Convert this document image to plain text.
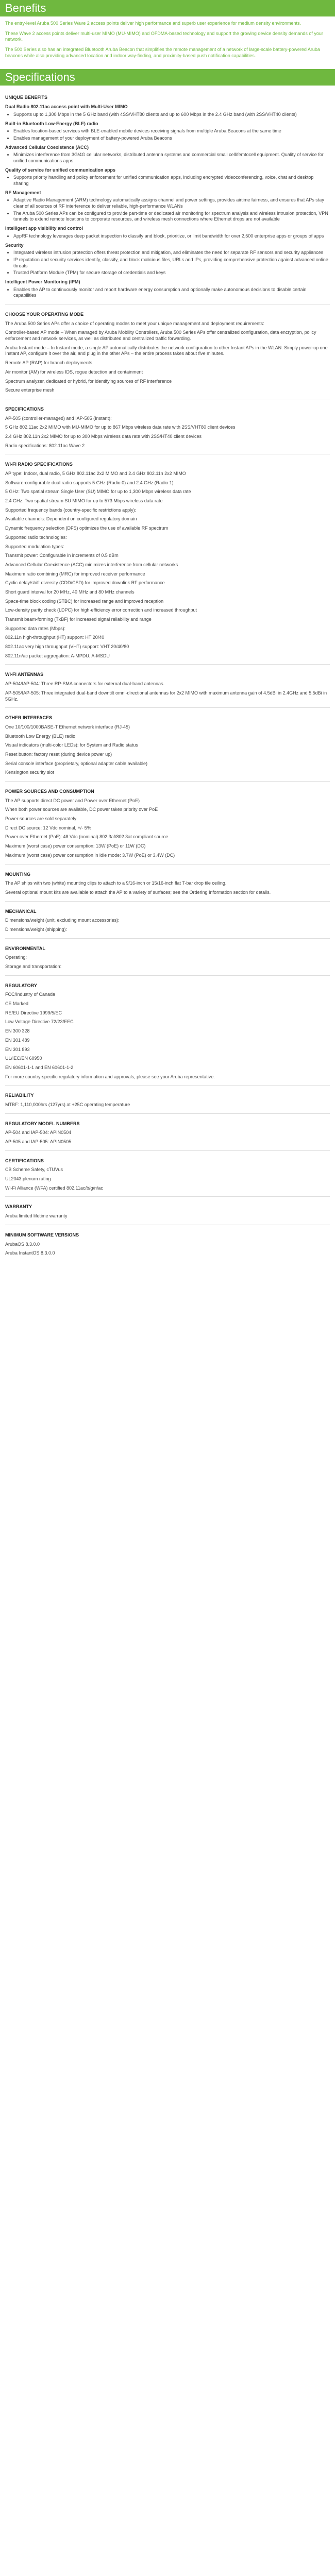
Benefits

The entry-level Aruba 500 Series Wave 2 access points deliver high performance and superb user experience for medium density environments.

These Wave 2 access points deliver multi-user MIMO (MU-MIMO) and OFDMA-based technology and support the growing device density demands of your network.

The 500 Series also has an integrated Bluetooth Aruba Beacon that simplifies the remote management of a network of large-scale battery-powered Aruba beacons while also providing advanced location and indoor way-finding, and proximity-based push notification capabilities.

Specifications
UNIQUE BENEFITS
Dual Radio 802.11ac access point with Multi-User MIMO
• Supports up to 1,300 Mbps in the 5 GHz band (with 4SS/VHT80 clients and up to 600 Mbps in the 2.4 GHz band (with 2SS/VHT40 clients)
Built-in Bluetooth Low-Energy (BLE) radio
• Enables location-based services with BLE-enabled mobile devices receiving signals from multiple Aruba Beacons at the same time
• Enables management of your deployment of battery-powered Aruba Beacons
Advanced Cellular Coexistence (ACC)
• Minimizes interference from 3G/4G cellular networks, distributed antenna systems and commercial small cell/femtocell equipment. Quality of service for unified communications apps
Quality of service for unified communication apps
• Supports priority handling and policy enforcement for unified communication apps, including encrypted videoconferencing, voice, chat and desktop sharing
RF Management
• Adaptive Radio Management (ARM) technology automatically assigns channel and power settings, provides airtime fairness, and ensures that APs stay clear of all sources of RF interference to deliver reliable, high-performance WLANs
• The Aruba 500 Series APs can be configured to provide part-time or dedicated air monitoring for spectrum analysis and wireless intrusion protection, VPN tunnels to extend remote locations to corporate resources, and wireless mesh connections where Ethernet drops are not available
Intelligent app visibility and control
• AppRF technology leverages deep packet inspection to classify and block, prioritize, or limit bandwidth for over 2,500 enterprise apps or groups of apps
Security
• Integrated wireless intrusion protection offers threat protection and mitigation, and eliminates the need for separate RF sensors and security appliances
• IP reputation and security services identify, classify, and block malicious files, URLs and IPs, providing comprehensive protection against advanced online threats
• Trusted Platform Module (TPM) for secure storage of credentials and keys
Intelligent Power Monitoring (IPM)
• Enables the AP to continuously monitor and report hardware energy consumption and optionally make autonomous decisions to disable certain capabilities
CHOOSE YOUR OPERATING MODE

The Aruba 500 Series APs offer a choice of operating modes to meet your unique management and deployment requirements:

Controller-based AP mode – When managed by Aruba Mobility Controllers, Aruba 500 Series APs offer centralized configuration, data encryption, policy enforcement and network services, as well as distributed and centralized traffic forwarding.

Aruba Instant mode – In Instant mode, a single AP automatically distributes the network configuration to other Instant APs in the WLAN. Simply power-up one Instant AP, configure it over the air, and plug in the other APs – the entire process takes about five minutes.

Remote AP (RAP) for branch deployments

Air monitor (AM) for wireless IDS, rogue detection and containment

Spectrum analyzer, dedicated or hybrid, for identifying sources of RF interference

Secure enterprise mesh

SPECIFICATIONS

AP-505 (controller-managed) and IAP-505 (Instant):

5 GHz 802.11ac 2x2 MIMO with MU-MIMO for up to 867 Mbps wireless data rate with 2SS/VHT80 client devices

2.4 GHz 802.11n 2x2 MIMO for up to 300 Mbps wireless data rate with 2SS/HT40 client devices

Radio specifications: 802.11ac Wave 2

WI-FI RADIO SPECIFICATIONS

AP type: Indoor, dual radio, 5 GHz 802.11ac 2x2 MIMO and 2.4 GHz 802.11n 2x2 MIMO

Software-configurable dual radio supports 5 GHz (Radio 0) and 2.4 GHz (Radio 1)

5 GHz: Two spatial stream Single User (SU) MIMO for up to 1,300 Mbps wireless data rate

2.4 GHz: Two spatial stream SU MIMO for up to 573 Mbps wireless data rate

Supported frequency bands (country-specific restrictions apply):

Available channels: Dependent on configured regulatory domain

Dynamic frequency selection (DFS) optimizes the use of available RF spectrum

Supported radio technologies:

Supported modulation types:

Transmit power: Configurable in increments of 0.5 dBm

Advanced Cellular Coexistence (ACC) minimizes interference from cellular networks

Maximum ratio combining (MRC) for improved receiver performance

Cyclic delay/shift diversity (CDD/CSD) for improved downlink RF performance

Short guard interval for 20 MHz, 40 MHz and 80 MHz channels

Space-time block coding (STBC) for increased range and improved reception

Low-density parity check (LDPC) for high-efficiency error correction and increased throughput

Transmit beam-forming (TxBF) for increased signal reliability and range

Supported data rates (Mbps):

802.11n high-throughput (HT) support: HT 20/40

802.11ac very high throughput (VHT) support: VHT 20/40/80

802.11n/ac packet aggregation: A-MPDU, A-MSDU

WI-FI ANTENNAS

AP-504/IAP-504: Three RP-SMA connectors for external dual-band antennas.

AP-505/IAP-505: Three integrated dual-band downtilt omni-directional antennas for 2x2 MIMO with maximum antenna gain of 4.5dBi in 2.4GHz and 5.5dBi in 5GHz.

OTHER INTERFACES

One 10/100/1000BASE-T Ethernet network interface (RJ-45)

Bluetooth Low Energy (BLE) radio

Visual indicators (multi-color LEDs): for System and Radio status

Reset button: factory reset (during device power up)

Serial console interface (proprietary, optional adapter cable available)

Kensington security slot

POWER SOURCES AND CONSUMPTION

The AP supports direct DC power and Power over Ethernet (PoE)

When both power sources are available, DC power takes priority over PoE

Power sources are sold separately

Direct DC source: 12 Vdc nominal, +/- 5%

Power over Ethernet (PoE): 48 Vdc (nominal) 802.3af/802.3at compliant source

Maximum (worst case) power consumption: 13W (PoE) or 11W (DC)

Maximum (worst case) power consumption in idle mode: 3.7W (PoE) or 3.4W (DC)

MOUNTING

The AP ships with two (white) mounting clips to attach to a 9/16-inch or 15/16-inch flat T-bar drop tile ceiling.

Several optional mount kits are available to attach the AP to a variety of surfaces; see the Ordering Information section for details.

MECHANICAL

Dimensions/weight (unit, excluding mount accessories):

Dimensions/weight (shipping):

ENVIRONMENTAL

Operating:

Storage and transportation:

REGULATORY

FCC/Industry of Canada

CE Marked

RE/EU Directive 1999/5/EC

Low Voltage Directive 72/23/EEC

EN 300 328

EN 301 489

EN 301 893

UL/IEC/EN 60950

EN 60601-1-1 and EN 60601-1-2

For more country-specific regulatory information and approvals, please see your Aruba representative.

RELIABILITY

MTBF: 1,110,000hrs (127yrs) at +25C operating temperature

REGULATORY MODEL NUMBERS

AP-504 and IAP-504: APIN0504

AP-505 and IAP-505: APIN0505

CERTIFICATIONS

CB Scheme Safety, cTUVus

UL2043 plenum rating

Wi-Fi Alliance (WFA) certified 802.11ac/b/g/n/ac

WARRANTY

Aruba limited lifetime warranty

MINIMUM SOFTWARE VERSIONS

ArubaOS 8.3.0.0

Aruba InstantOS 8.3.0.0
